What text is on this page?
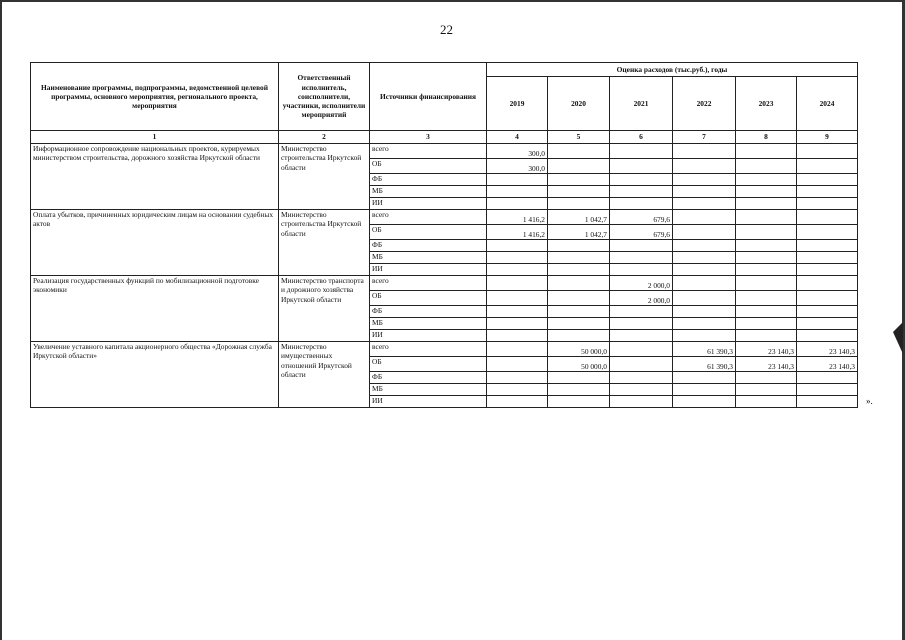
22
Наименование программы, подпрограммы, ведомственной целевой программы, основного мероприятия, регионального проекта, мероприятия	Ответственный исполнитель, соисполнители, участники, исполнители мероприятий	Источники финансирования	Оценка расходов (тыс.руб.), годы					
			2019	2020	2021	2022	2023	2024
1	2	3	4	5	6	7	8	9
Информационное сопровождение национальных проектов, курируемых министерством строительства, дорожного хозяйства Иркутской области	Министерство строительства Иркутской области	всего	300,0					
		ОБ	300,0					
		ФБ						
		МБ						
		ИИ						
Оплата убытков, причиненных юридическим лицам на основании судебных актов	Министерство строительства Иркутской области	всего	1 416,2	1 042,7	679,6			
		ОБ	1 416,2	1 042,7	679,6			
		ФБ						
		МБ						
		ИИ						
Реализация государственных функций по мобилизационной подготовке экономики	Министерство транспорта и дорожного хозяйства Иркутской области	всего			2 000,0			
		ОБ			2 000,0			
		ФБ						
		МБ						
		ИИ						
Увеличение уставного капитала акционерного общества «Дорожная служба Иркутской области»	Министерство имущественных отношений Иркутской области	всего		50 000,0		61 390,3	23 140,3	23 140,3
		ОБ		50 000,0		61 390,3	23 140,3	23 140,3
		ФБ						
		МБ						
		ИИ							».
